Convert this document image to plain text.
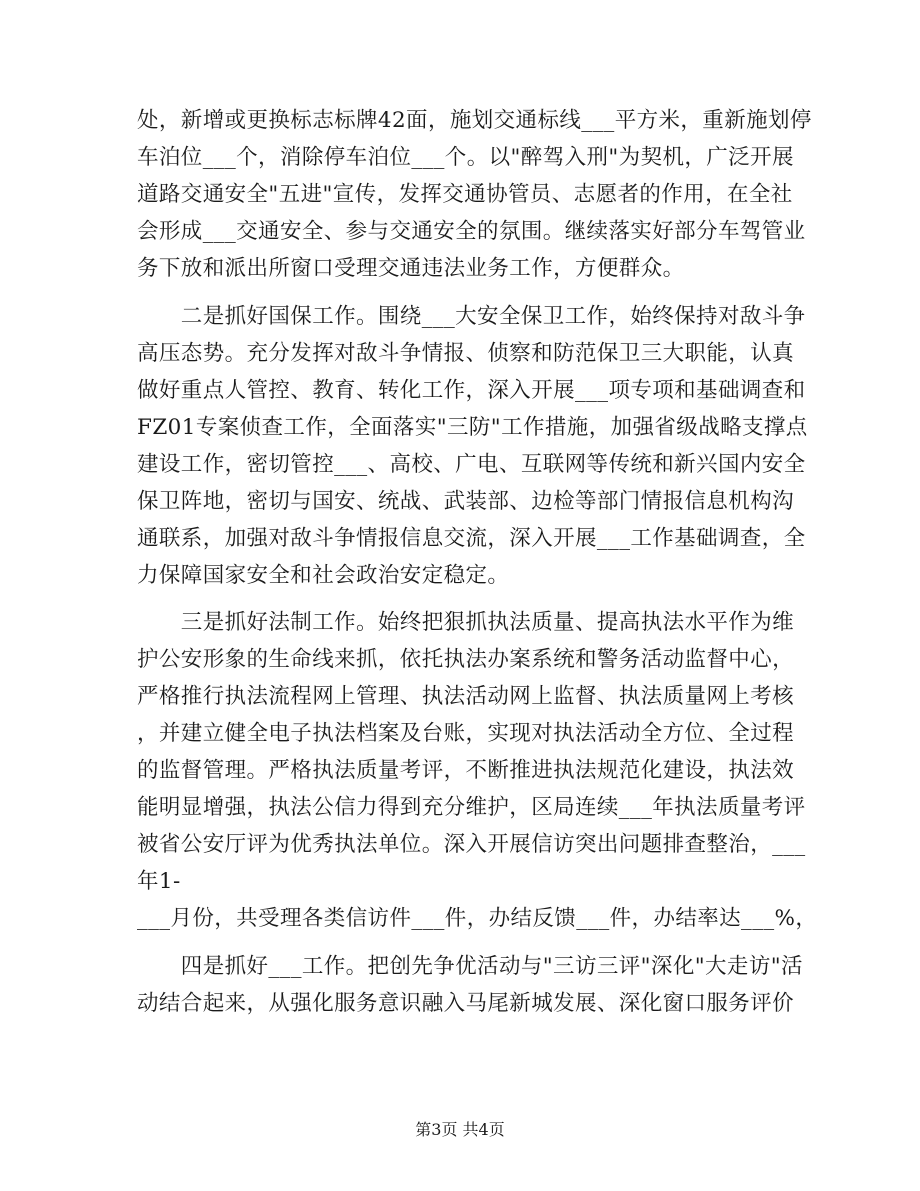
处，新增或更换标志标牌42面，施划交通标线___平方米，重新施划停
车泊位___个，消除停车泊位___个。以"醉驾入刑"为契机，广泛开展
道路交通安全"五进"宣传，发挥交通协管员、志愿者的作用，在全社
会形成___交通安全、参与交通安全的氛围。继续落实好部分车驾管业
务下放和派出所窗口受理交通违法业务工作，方便群众。
　　二是抓好国保工作。围绕___大安全保卫工作，始终保持对敌斗争
高压态势。充分发挥对敌斗争情报、侦察和防范保卫三大职能，认真
做好重点人管控、教育、转化工作，深入开展___项专项和基础调查和
FZ01专案侦查工作，全面落实"三防"工作措施，加强省级战略支撑点
建设工作，密切管控___、高校、广电、互联网等传统和新兴国内安全
保卫阵地，密切与国安、统战、武装部、边检等部门情报信息机构沟
通联系，加强对敌斗争情报信息交流，深入开展___工作基础调查，全
力保障国家安全和社会政治安定稳定。
　　三是抓好法制工作。始终把狠抓执法质量、提高执法水平作为维
护公安形象的生命线来抓，依托执法办案系统和警务活动监督中心，
严格推行执法流程网上管理、执法活动网上监督、执法质量网上考核
，并建立健全电子执法档案及台账，实现对执法活动全方位、全过程
的监督管理。严格执法质量考评，不断推进执法规范化建设，执法效
能明显增强，执法公信力得到充分维护，区局连续___年执法质量考评
被省公安厅评为优秀执法单位。深入开展信访突出问题排查整治，___
年1-
___月份，共受理各类信访件___件，办结反馈___件，办结率达___%，
　　四是抓好___工作。把创先争优活动与"三访三评"深化"大走访"活
动结合起来，从强化服务意识融入马尾新城发展、深化窗口服务评价
第3页 共4页
